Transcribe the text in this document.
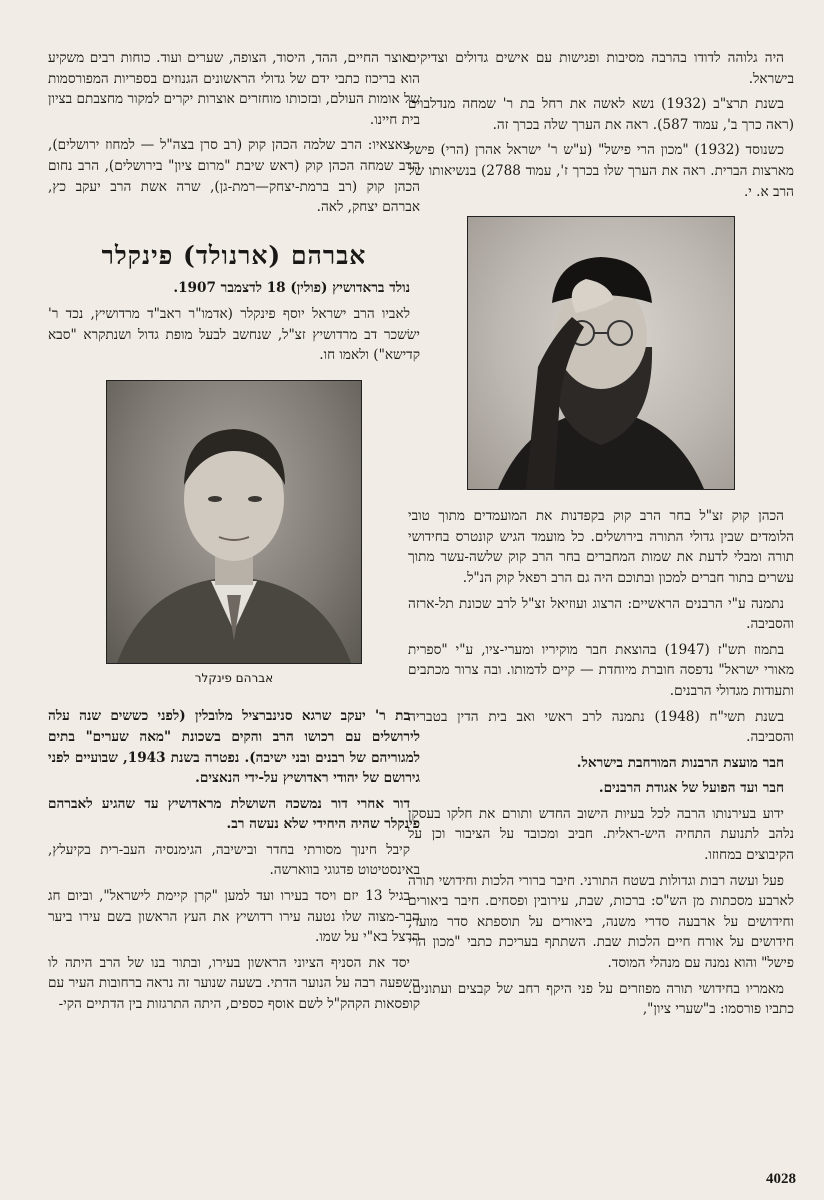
היה גלוהה לדודו בהרבה מסיבות ופגישות עם אישים גדולים וצדיקים בישראל.

בשנת תרצ"ב (1932) נשא לאשה את רחל בת ר' שמחה מנדלבוים (ראה כרך ב', עמוד 587). ראה את הערך שלה בכרך זה.

כשנוסד (1932) "מכון הרי פישל" (ע"ש ר' ישראל אהרן (הרי) פישל מארצות הברית. ראה את הערך שלו בכרך ז', עמוד 2788) בנשיאותו של הרב א. י.

הכהן קוק זצ"ל בחר הרב קוק בקפדנות את המועמדים מתוך טובי הלומדים שבין גדולי התורה בירושלים. כל מועמד הגיש קונטרס בחידושי תורה ומבלי לדעת את שמות המחברים בחר הרב קוק שלשה-עשר מתוך עשרים בתור חברים למכון ובתוכם היה גם הרב רפאל קוק הנ"ל.

נתמנה ע"י הרבנים הראשיים: הרצוג ועוזיאל זצ"ל לרב שכונת תל-ארזה והסביבה.

בתמוז תש"ז (1947) בהוצאת חבר מוקיריו ומערי-ציו, ע"י "ספרית מאורי ישראל" נדפסה חוברת מיוחדת — קיים לדמותו. ובה צרור מכתבים ותעודות מגדולי הרבנים.

בשנת תשי"ח (1948) נתמנה לרב ראשי ואב בית הדין בטבריה והסביבה.

חבר מועצת הרבנות המורחבת בישראל.

חבר ועד הפועל של אגודת הרבנים.

ידוע בעירנותו הרבה לכל בעיות הישוב החדש ותורם את חלקו בעסקן נלהב לתנועת התחיה היש-ראלית. חביב ומכובד על הציבור וכן על הקיבוצים במחוזו.

פעל ועשה רבות וגדולות בשטח התורני. חיבר ברורי הלכות וחידושי תורה לארבע מסכתות מן הש"ס: ברכות, שבת, עירובין ופסחים. חיבר ביאורים וחידושים על ארבעה סדרי משנה, ביאורים על תוספתא סדר מועד, חידושים על אורח חיים הלכות שבת. השתתף בעריכת כתבי "מכון הרי פישל" והוא נמנה עם מנהלי המוסד.

מאמריו בחידושי תורה מפוזרים על פני היקף רחב של קבצים ועתונים. כתביו פורסמו: ב"שערי ציון",

אוצר החיים, ההד, היסוד, הצופה, שערים ועוד. כוחות רבים משקיע הוא בריכוז כתבי ידם של גדולי הראשונים הגנוזים בספריות המפורסמות של אומות העולם, ובזכותו מוחזרים אוצרות יקרים למקור מחצבתם בציון בית חיינו.

צאצאיו: הרב שלמה הכהן קוק (רב סרן בצה"ל — למחוז ירושלים), הרב שמחה הכהן קוק (ראש שיבת "מרום ציון" בירושלים), הרב נחום הכהן קוק (רב ברמת-יצחק—רמת-גן), שרה אשת הרב יעקב כץ, אברהם יצחק, לאה.

אברהם (ארנולד) פינקלר

נולד בראדושיץ (פולין) 18 לדצמבר 1907.

לאביו הרב ישראל יוסף פינקלר (אדמו"ר ראב"ד מרדושיץ, נכד ר' ישׂשכר דב מרדושיץ זצ"ל, שנחשב לבעל מופת גדול ושנתקרא "סבא קדישא") ולאמו חו.

אברהם פינקלר

בת ר' יעקב שרגא סנינברציל מלובלין (לפני כששים שנה עלה לירושלים עם רכושו הרב והקים בשכונת "מאה שערים" בתים למגוריהם של רבנים ובני ישיבה). נפטרה בשנת 1943, שבועיים לפני גירושם של יהודי ראדושיץ על-ידי הנאצים.

דור אחרי דור נמשכה השושלת מראדושיץ עד שהגיע לאברהם פינקלר שהיה היחידי שלא נעשה רב.

קיבל חינוך מסורתי בחדר ובישיבה, הגימנסיה העב-רית בקיעלץ, באינסטיטוט פדגוגי בווארשה.

בגיל 13 יזם ויסד בעירו ועד למען "קרן קיימת לישראל", וביום חג הבר-מצוה שלו נטעה עירו רדושיץ את העץ הראשון בשם עירו ביער הרצל בא"י על שמו.

יסד את הסניף הציוני הראשון בעירו, ובתור בנו של הרב היתה לו השפעה רבה על הנוער הדתי. בשעה שנוער זה נראה ברחובות העיר עם קופסאות הקהק"ל לשם אוסף כספים, היתה התרגזות בין הדתיים הקי-

4028
